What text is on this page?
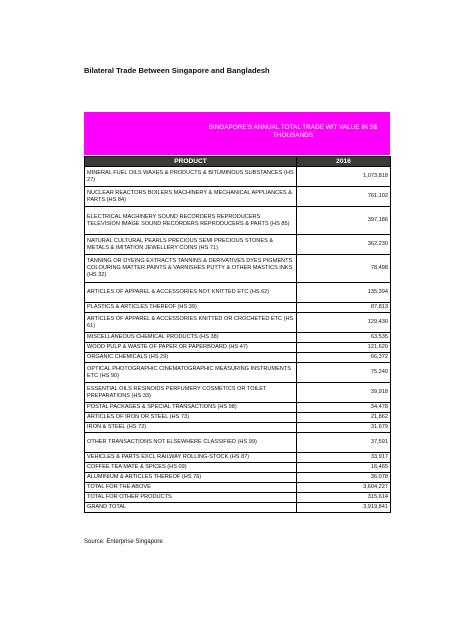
Bilateral Trade Between Singapore and Bangladesh
SINGAPORE'S ANNUAL TOTAL TRADE WIT VALUE IN S$ THOUSANDS
PRODUCT	2016
MINERAL FUEL OILS WAXES & PRODUCTS & BITUMINOUS SUBSTANCES (HS 27)	1,073,818
NUCLEAR REACTORS BOILERS MACHINERY & MECHANICAL APPLIANCES & PARTS (HS 84)	761,102
ELECTRICAL MACHINERY SOUND RECORDERS REPRODUCERS TELEVISION IMAGE SOUND RECORDERS REPRODUCERS & PARTS (HS 85)	397,186
NATURAL CULTURAL PEARLS PRECIOUS SEMI PRECIOUS STONES & METALS & IMITATION JEWELLERY COINS (HS 71)	362,230
TANNING OR DYEING EXTRACTS TANNINS & DERIVATIVES DYES PIGMENTS COLOURING MATTER PAINTS & VARNISHES PUTTY & OTHER MASTICS INKS (HS 32)	78,498
ARTICLES OF APPAREL & ACCESSORIES NOT KNITTED ETC (HS 62)	135,394
PLASTICS & ARTICLES THEREOF (HS 39)	87,813
ARTICLES OF APPAREL & ACCESSORIES KNITTED OR CROCHETED ETC (HS 61)	129,430
MISCELLANEOUS CHEMICAL PRODUCTS (HS 38)	63,535
WOOD PULP & WASTE OF PAPER OR PAPERBOARD (HS 47)	121,620
ORGANIC CHEMICALS (HS 29)	66,372
OPTICAL PHOTOGRAPHIC CINEMATOGRAPHIC MEASURING INSTRUMENTS ETC (HS 90)	75,240
ESSENTIAL OILS RESINOIDS PERFUMERY COSMETICS OR TOILET PREPARATIONS (HS 33)	39,918
POSTAL PACKAGES & SPECIAL TRANSACTIONS (HS 98)	34,478
ARTICLES OF IRON OR STEEL (HS 73)	21,862
IRON & STEEL (HS 72)	31,679
OTHER TRANSACTIONS NOT ELSEWHERE CLASSIFIED (HS 99)	37,591
VEHICLES & PARTS EXCL RAILWAY ROLLING-STOCK (HS 87)	33,917
COFFEE TEA MATE & SPICES (HS 09)	16,465
ALUMINIUM & ARTICLES THEREOF (HS 76)	36,078
TOTAL FOR THE ABOVE	3,604,227
TOTAL FOR OTHER PRODUCTS	315,614
GRAND TOTAL	3,919,841
Source: Enterprise Singapore
